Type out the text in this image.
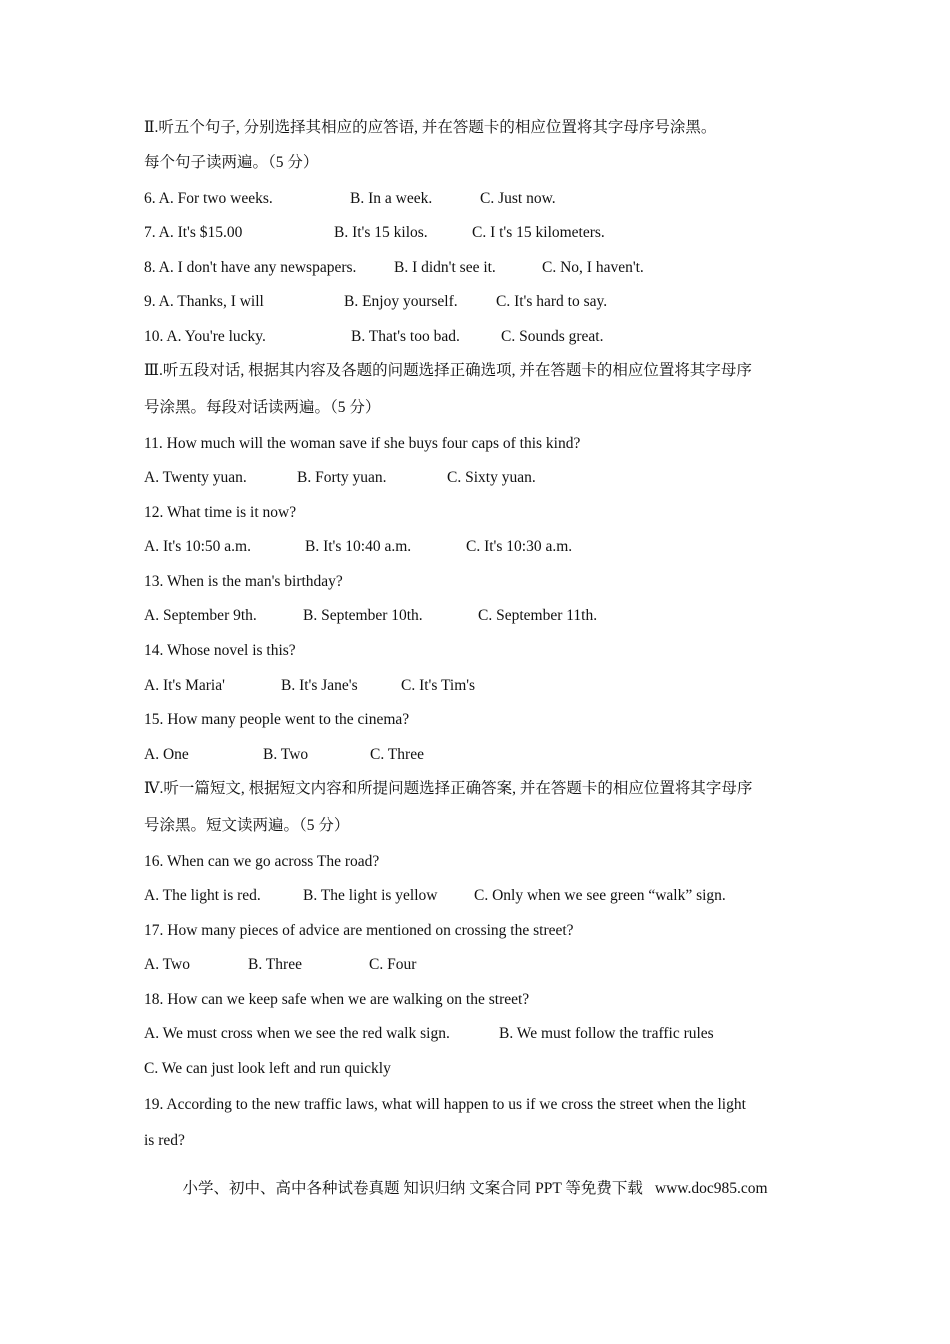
Ⅱ.听五个句子, 分别选择其相应的应答语, 并在答题卡的相应位置将其字母序号涂黑。
每个句子读两遍。（5 分）
6. A. For two weeks.	B. In a week.	C. Just now.
7. A. It's $15.00	B. It's 15 kilos.	C. I t's 15 kilometers.
8. A. I don't have any newspapers. B. I didn't see it.	C. No, I haven't.
9. A. Thanks, I will	B. Enjoy yourself. C. It's hard to say.
10. A. You're lucky.	B. That's too bad.	C. Sounds great.
Ⅲ.听五段对话, 根据其内容及各题的问题选择正确选项, 并在答题卡的相应位置将其字母序
号涂黑。每段对话读两遍。（5 分）
11. How much will the woman save if she buys four caps of this kind?
A. Twenty yuan.	B. Forty yuan.	C. Sixty yuan.
12. What time is it now?
A. It's 10:50 a.m.	B. It's 10:40 a.m.	C. It's 10:30 a.m.
13. When is the man's birthday?
A. September 9th.	B. September 10th.	C. September 11th.
14. Whose novel is this?
A. It's Maria'	B. It's Jane's	C. It's Tim's
15. How many people went to the cinema?
A. One	B. Two	C. Three
Ⅳ.听一篇短文, 根据短文内容和所提问题选择正确答案, 并在答题卡的相应位置将其字母序
号涂黑。短文读两遍。（5 分）
16. When can we go across The road?
A. The light is red.	B. The light is yellow C. Only when we see green “walk” sign.
17. How many pieces of advice are mentioned on crossing the street?
A. Two	B. Three	C. Four
18. How can we keep safe when we are walking on the street?
A. We must cross when we see the red walk sign.	B. We must follow the traffic rules
C. We can just look left and run quickly
19. According to the new traffic laws, what will happen to us if we cross the street when the light
is red?
小学、初中、高中各种试卷真题 知识归纳 文案合同 PPT 等免费下载 www.doc985.com
